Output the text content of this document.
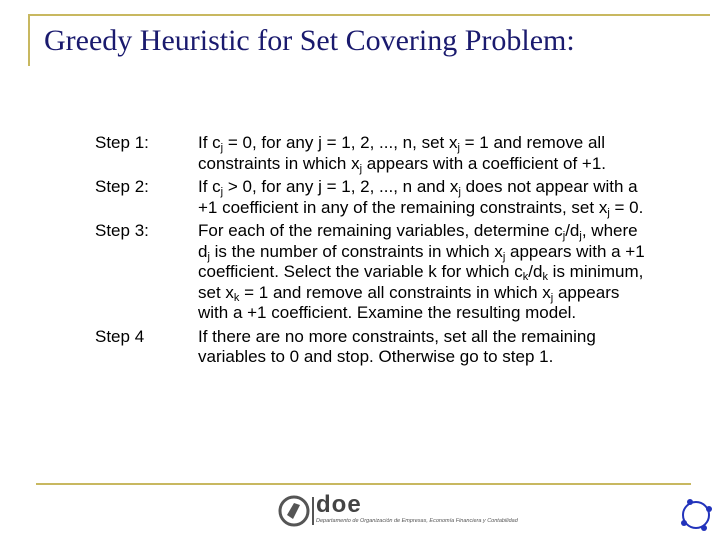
Greedy Heuristic for Set Covering Problem:
Step 1:	If $c_j = 0$, for any j = 1, 2, ..., n, set $x_j = 1$ and remove all
constraints in which $x_j$ appears with a coefficient of +1.
Step 2:	If $c_j > 0$, for any j = 1, 2, ..., n and $x_j$ does not appear with a
+1 coefficient in any of the remaining constraints, set $x_j = 0$.
Step 3:	For each of the remaining variables, determine $c_j/d_j$, where
$d_j$ is the number of constraints in which $x_j$ appears with a +1
coefficient. Select the variable k for which $c_k/d_k$ is minimum,
set $x_k = 1$ and remove all constraints in which $x_j$ appears
with a +1 coefficient. Examine the resulting model.
Step 4	If there are no more constraints, set all the remaining
variables to 0 and stop. Otherwise go to step 1.
doe
Departamento de Organización de Empresas, Economía Financiera y Contabilidad
